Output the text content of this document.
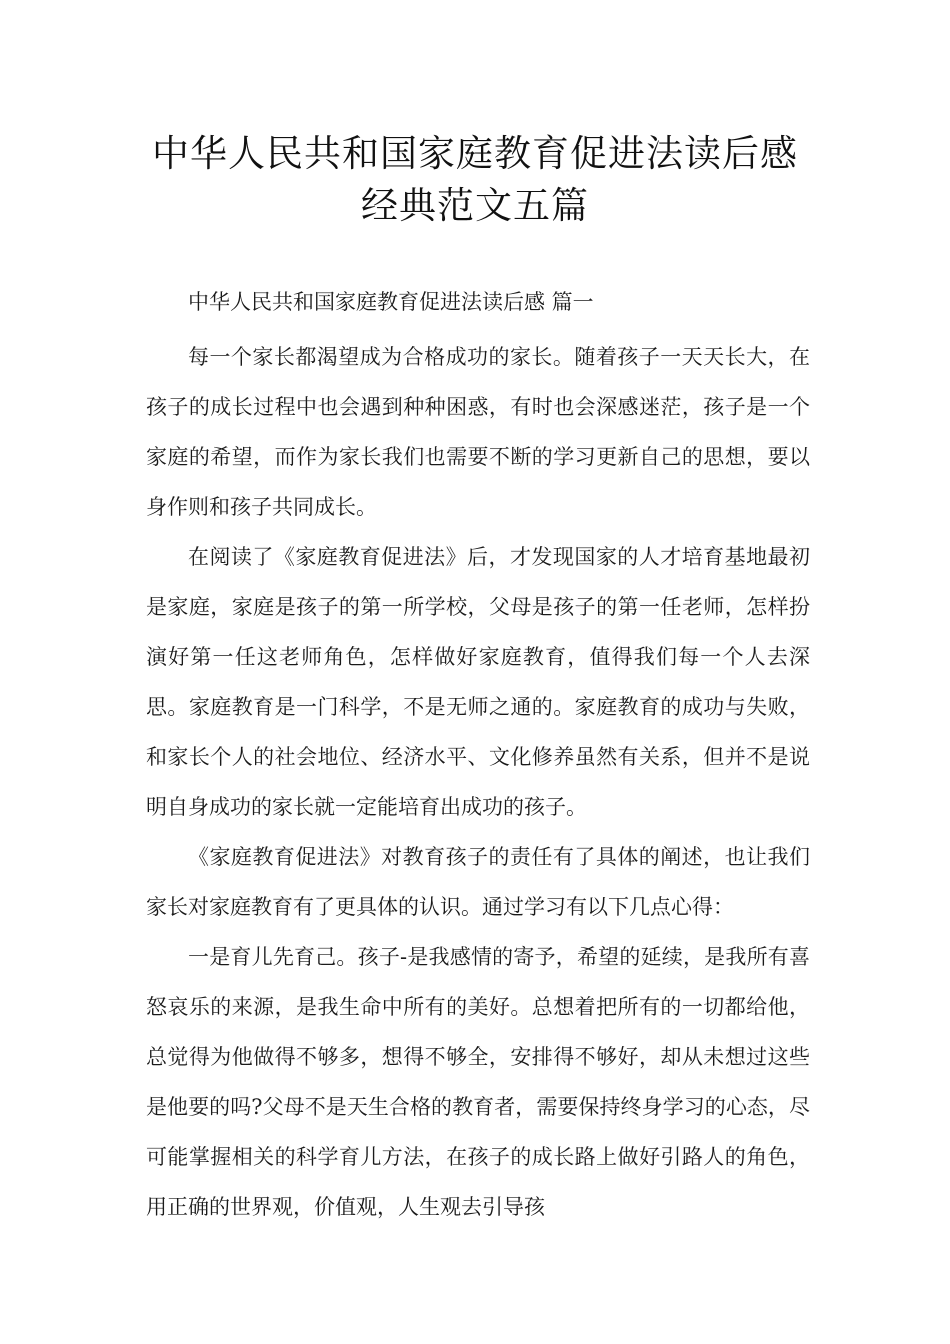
中华人民共和国家庭教育促进法读后感
经典范文五篇

中华人民共和国家庭教育促进法读后感 篇一

每一个家长都渴望成为合格成功的家长。随着孩子一天天长大，在孩子的成长过程中也会遇到种种困惑，有时也会深感迷茫，孩子是一个家庭的希望，而作为家长我们也需要不断的学习更新自己的思想，要以身作则和孩子共同成长。

在阅读了《家庭教育促进法》后，才发现国家的人才培育基地最初是家庭，家庭是孩子的第一所学校，父母是孩子的第一任老师，怎样扮演好第一任这老师角色，怎样做好家庭教育，值得我们每一个人去深思。家庭教育是一门科学，不是无师之通的。家庭教育的成功与失败，和家长个人的社会地位、经济水平、文化修养虽然有关系，但并不是说明自身成功的家长就一定能培育出成功的孩子。

《家庭教育促进法》对教育孩子的责任有了具体的阐述，也让我们家长对家庭教育有了更具体的认识。通过学习有以下几点心得：

一是育儿先育己。孩子-是我感情的寄予，希望的延续，是我所有喜怒哀乐的来源，是我生命中所有的美好。总想着把所有的一切都给他，总觉得为他做得不够多，想得不够全，安排得不够好，却从未想过这些是他要的吗?父母不是天生合格的教育者，需要保持终身学习的心态，尽可能掌握相关的科学育儿方法，在孩子的成长路上做好引路人的角色，用正确的世界观，价值观，人生观去引导孩
